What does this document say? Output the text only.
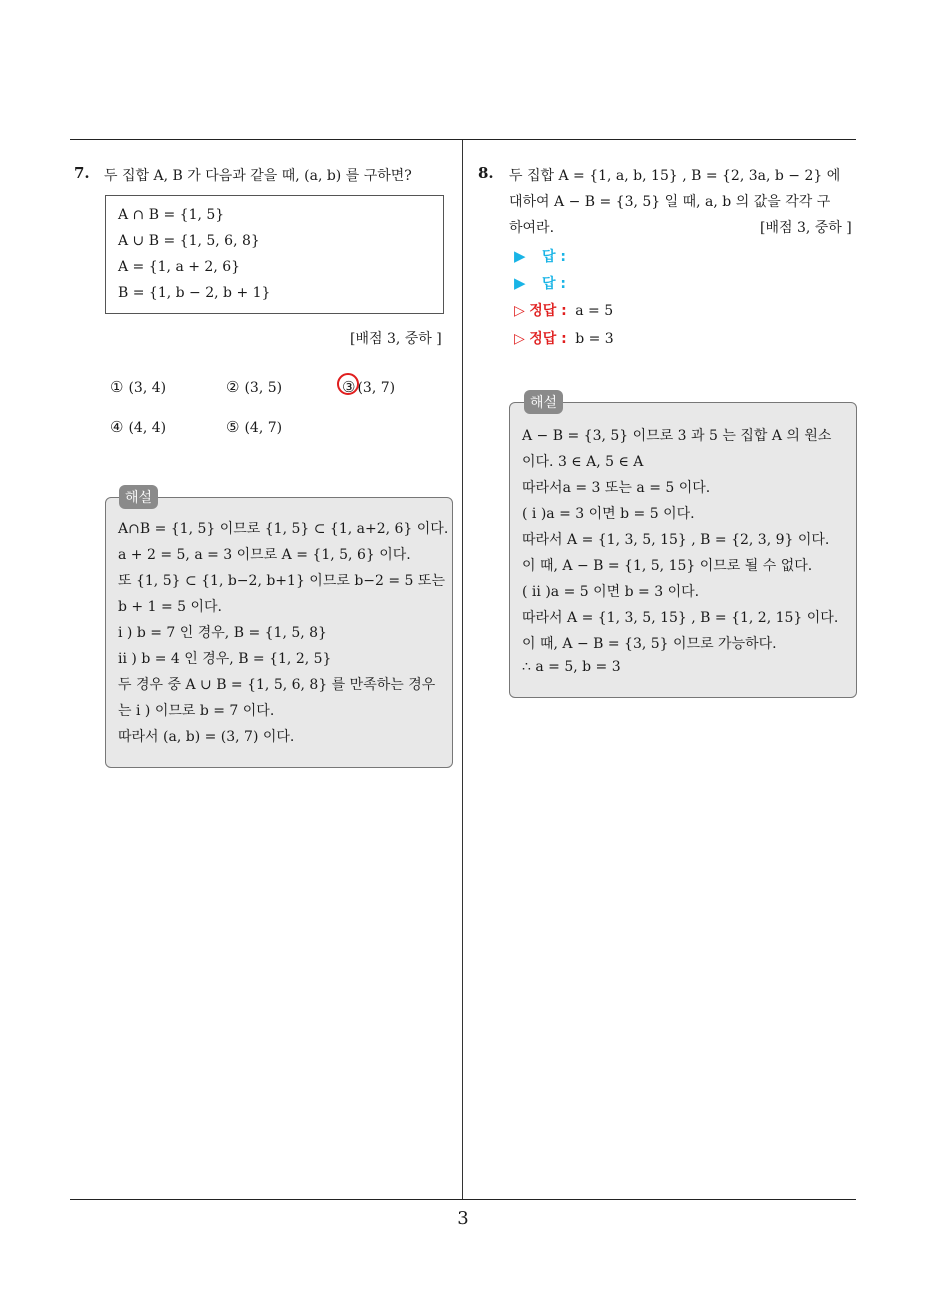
7. 두 집합 A, B 가 다음과 같을 때, (a, b) 를 구하면?
A ∩ B = {1, 5}
A ∪ B = {1, 5, 6, 8}
A = {1, a + 2, 6}
B = {1, b − 2, b + 1}
[배점 3, 중하 ]
① (3, 4)	② (3, 5)	③ (3, 7)
④ (4, 4)	⑤ (4, 7)
A∩B = {1, 5} 이므로 {1, 5} ⊂ {1, a+2, 6} 이다.
a + 2 = 5, a = 3 이므로 A = {1, 5, 6} 이다.
또 {1, 5} ⊂ {1, b−2, b+1} 이므로 b−2 = 5 또는
b + 1 = 5 이다.
i ) b = 7 인 경우, B = {1, 5, 8}
ii ) b = 4 인 경우, B = {1, 2, 5}
두 경우 중 A ∪ B = {1, 5, 6, 8} 를 만족하는 경우
는 i ) 이므로 b = 7 이다.
따라서 (a, b) = (3, 7) 이다.
해설
8. 두 집합 A = {1, a, b, 15} , B = {2, 3a, b − 2} 에
대하여 A − B = {3, 5} 일 때, a, b 의 값을 각각 구
하여라.	[배점 3, 중하 ]
▶ 답 :
▶ 답 :
▷ 정답 : a = 5
▷ 정답 : b = 3
A − B = {3, 5} 이므로 3 과 5 는 집합 A 의 원소
이다. 3 ∈ A, 5 ∈ A
따라서a = 3 또는 a = 5 이다.
( i )a = 3 이면 b = 5 이다.
따라서 A = {1, 3, 5, 15} , B = {2, 3, 9} 이다.
이 때, A − B = {1, 5, 15} 이므로 될 수 없다.
( ii )a = 5 이면 b = 3 이다.
따라서 A = {1, 3, 5, 15} , B = {1, 2, 15} 이다.
이 때, A − B = {3, 5} 이므로 가능하다.
∴ a = 5, b = 3
해설
3
